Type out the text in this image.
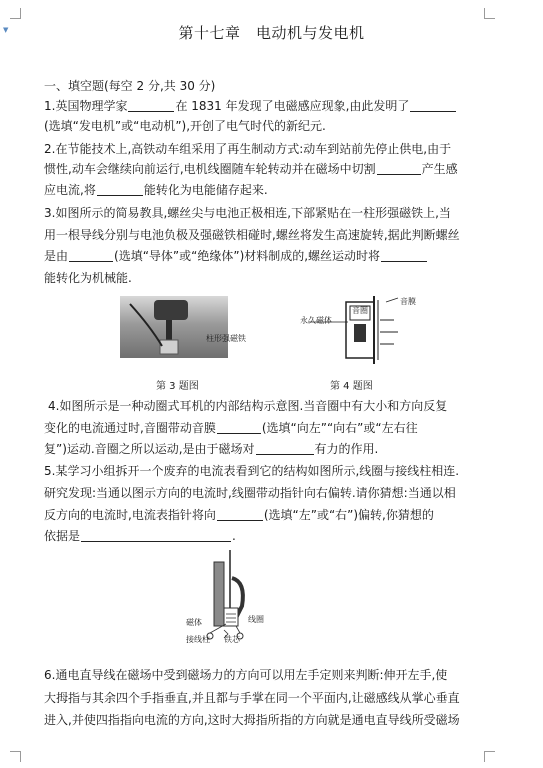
▼	第十七章　电动机与发电机
一、填空题(每空 2 分,共 30 分)
1.英国物理学家	在 1831 年发现了电磁感应现象,由此发明了
(选填“发电机”或“电动机”),开创了电气时代的新纪元.
2.在节能技术上,高铁动车组采用了再生制动方式:动车到站前先停止供电,由于
惯性,动车会继续向前运行,电机线圈随车轮转动并在磁场中切割	产生感
应电流,将	能转化为电能储存起来.
3.如图所示的简易教具,螺丝尖与电池正极相连,下部紧贴在一柱形强磁铁上,当
用一根导线分别与电池负极及强磁铁相碰时,螺丝将发生高速旋转,据此判断螺丝
是由	(选填“导体”或“绝缘体”)材料制成的,螺丝运动时将
能转化为机械能.
柱形强磁铁
音圈
音膜
永久磁体
第 3 题图	第 4 题图
4.如图所示是一种动圈式耳机的内部结构示意图.当音圈中有大小和方向反复
变化的电流通过时,音圈带动音膜	(选填“向左”“向右”或“左右往
复”)运动.音圈之所以运动,是由于磁场对	有力的作用.
5.某学习小组拆开一个废弃的电流表看到它的结构如图所示,线圈与接线柱相连.
研究发现:当通以图示方向的电流时,线圈带动指针向右偏转.请你猜想:当通以相
反方向的电流时,电流表指针将向	(选填“左”或“右”)偏转,你猜想的
依据是	.
磁体	线圈
接线柱 铁芯
6.通电直导线在磁场中受到磁场力的方向可以用左手定则来判断:伸开左手,使
大拇指与其余四个手指垂直,并且都与手掌在同一个平面内,让磁感线从掌心垂直
进入,并使四指指向电流的方向,这时大拇指所指的方向就是通电直导线所受磁场
